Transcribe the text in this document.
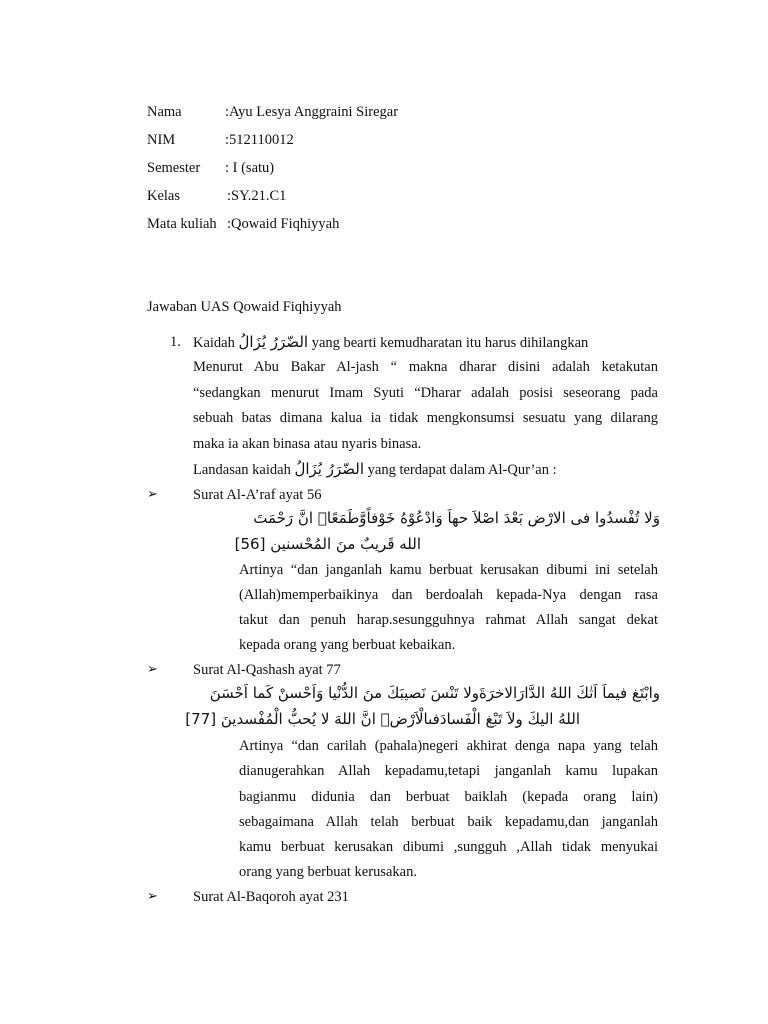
Nama	:Ayu Lesya Anggraini Siregar
NIM	:512110012
Semester : I (satu)
Kelas	:SY.21.C1
Mata kuliah :Qowaid Fiqhiyyah
Jawaban UAS Qowaid Fiqhiyyah
1. Kaidah الضّرَرُ يُزَالُ yang bearti kemudharatan itu harus dihilangkan
Menurut Abu Bakar Al-jash “ makna dharar disini adalah ketakutan
“sedangkan menurut Imam Syuti “Dharar adalah posisi seseorang pada
sebuah batas dimana kalua ia tidak mengkonsumsi sesuatu yang dilarang
maka ia akan binasa atau nyaris binasa.
Landasan kaidah الضّرَرُ يُزَالُ yang terdapat dalam Al-Qur’an :
➢ Surat Al-A’raf ayat 56
وَلا تُفْسدُوا فى الارْض بَعْدَ اصْلاَ حهاَ وَادْعُوْهُ خَوْفاًوَّطَمَعًاۗ انَّ رَحْمَتَ
الله قَريبٌ منَ المُحْسنين [56]
Artinya “dan janganlah kamu berbuat kerusakan dibumi ini setelah
(Allah)memperbaikinya dan berdoalah kepada-Nya dengan rasa
takut dan penuh harap.sesungguhnya rahmat Allah sangat dekat
kepada orang yang berbuat kebaikan.
➢ Surat Al-Qashash ayat 77
وابْتَغ فيماَ اَتٰكَ اللهُ الدَّارَالاخرَةَولا تَنْسَ نَصيبَكَ منَ الدُّنْيا وَاَحْسنْ كَما اَحْسَنَ
اللهُ اليكَ ولاَ تَبْغ الْفَسادَفىالْاَرْضۗ انَّ اللهَ لا يُحبُّ الْمُفْسدينَ [77]
Artinya “dan carilah (pahala)negeri akhirat denga napa yang telah
dianugerahkan Allah kepadamu,tetapi janganlah kamu lupakan
bagianmu didunia dan berbuat baiklah (kepada orang lain)
sebagaimana Allah telah berbuat baik kepadamu,dan janganlah
kamu berbuat kerusakan dibumi ,sungguh ,Allah tidak menyukai
orang yang berbuat kerusakan.
➢ Surat Al-Baqoroh ayat 231
